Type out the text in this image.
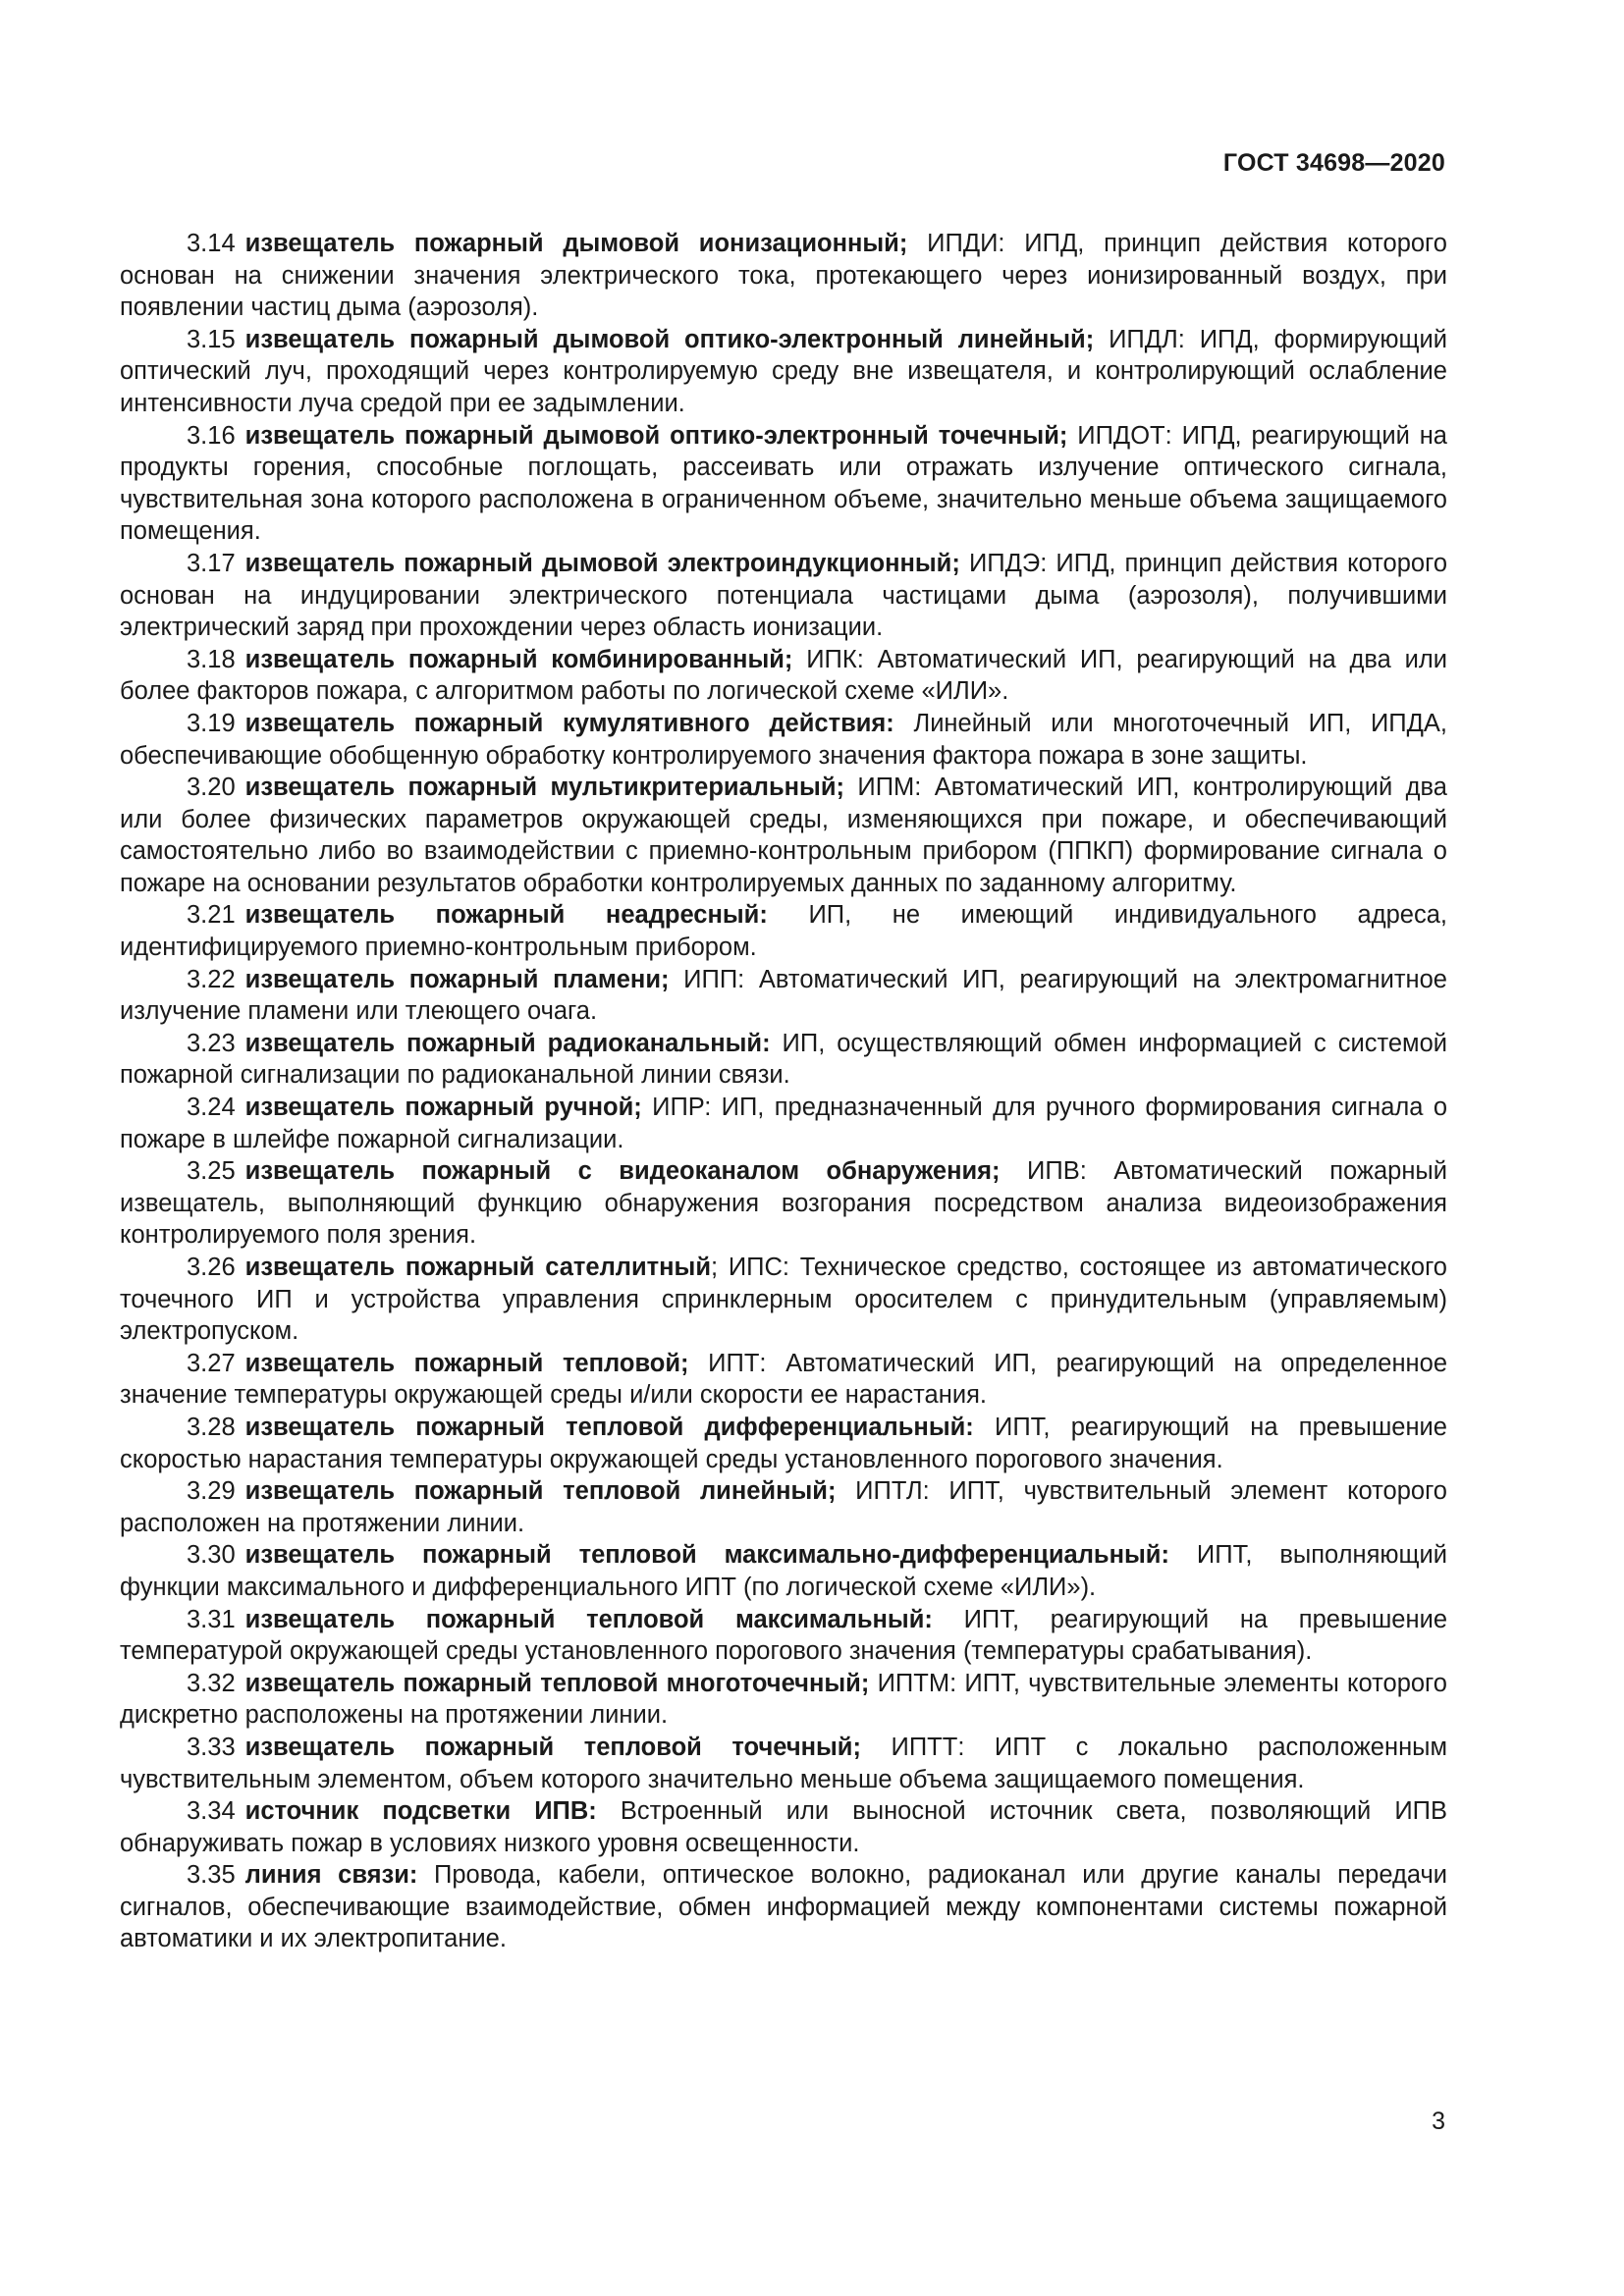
ГОСТ 34698—2020

3.14 извещатель пожарный дымовой ионизационный; ИПДИ: ИПД, принцип действия которого основан на снижении значения электрического тока, протекающего через ионизированный воздух, при появлении частиц дыма (аэрозоля).

3.15 извещатель пожарный дымовой оптико-электронный линейный; ИПДЛ: ИПД, формирующий оптический луч, проходящий через контролируемую среду вне извещателя, и контролирующий ослабление интенсивности луча средой при ее задымлении.

3.16 извещатель пожарный дымовой оптико-электронный точечный; ИПДОТ: ИПД, реагирующий на продукты горения, способные поглощать, рассеивать или отражать излучение оптического сигнала, чувствительная зона которого расположена в ограниченном объеме, значительно меньше объема защищаемого помещения.

3.17 извещатель пожарный дымовой электроиндукционный; ИПДЭ: ИПД, принцип действия которого основан на индуцировании электрического потенциала частицами дыма (аэрозоля), получившими электрический заряд при прохождении через область ионизации.

3.18 извещатель пожарный комбинированный; ИПК: Автоматический ИП, реагирующий на два или более факторов пожара, с алгоритмом работы по логической схеме «ИЛИ».

3.19 извещатель пожарный кумулятивного действия: Линейный или многоточечный ИП, ИПДА, обеспечивающие обобщенную обработку контролируемого значения фактора пожара в зоне защиты.

3.20 извещатель пожарный мультикритериальный; ИПМ: Автоматический ИП, контролирующий два или более физических параметров окружающей среды, изменяющихся при пожаре, и обеспечивающий самостоятельно либо во взаимодействии с приемно-контрольным прибором (ППКП) формирование сигнала о пожаре на основании результатов обработки контролируемых данных по заданному алгоритму.

3.21 извещатель пожарный неадресный: ИП, не имеющий индивидуального адреса, идентифицируемого приемно-контрольным прибором.

3.22 извещатель пожарный пламени; ИПП: Автоматический ИП, реагирующий на электромагнитное излучение пламени или тлеющего очага.

3.23 извещатель пожарный радиоканальный: ИП, осуществляющий обмен информацией с системой пожарной сигнализации по радиоканальной линии связи.

3.24 извещатель пожарный ручной; ИПР: ИП, предназначенный для ручного формирования сигнала о пожаре в шлейфе пожарной сигнализации.

3.25 извещатель пожарный с видеоканалом обнаружения; ИПВ: Автоматический пожарный извещатель, выполняющий функцию обнаружения возгорания посредством анализа видеоизображения контролируемого поля зрения.

3.26 извещатель пожарный сателлитный; ИПС: Техническое средство, состоящее из автоматического точечного ИП и устройства управления спринклерным оросителем с принудительным (управляемым) электропуском.

3.27 извещатель пожарный тепловой; ИПТ: Автоматический ИП, реагирующий на определенное значение температуры окружающей среды и/или скорости ее нарастания.

3.28 извещатель пожарный тепловой дифференциальный: ИПТ, реагирующий на превышение скоростью нарастания температуры окружающей среды установленного порогового значения.

3.29 извещатель пожарный тепловой линейный; ИПТЛ: ИПТ, чувствительный элемент которого расположен на протяжении линии.

3.30 извещатель пожарный тепловой максимально-дифференциальный: ИПТ, выполняющий функции максимального и дифференциального ИПТ (по логической схеме «ИЛИ»).

3.31 извещатель пожарный тепловой максимальный: ИПТ, реагирующий на превышение температурой окружающей среды установленного порогового значения (температуры срабатывания).

3.32 извещатель пожарный тепловой многоточечный; ИПТМ: ИПТ, чувствительные элементы которого дискретно расположены на протяжении линии.

3.33 извещатель пожарный тепловой точечный; ИПТТ: ИПТ с локально расположенным чувствительным элементом, объем которого значительно меньше объема защищаемого помещения.

3.34 источник подсветки ИПВ: Встроенный или выносной источник света, позволяющий ИПВ обнаруживать пожар в условиях низкого уровня освещенности.

3.35 линия связи: Провода, кабели, оптическое волокно, радиоканал или другие каналы передачи сигналов, обеспечивающие взаимодействие, обмен информацией между компонентами системы пожарной автоматики и их электропитание.

3
